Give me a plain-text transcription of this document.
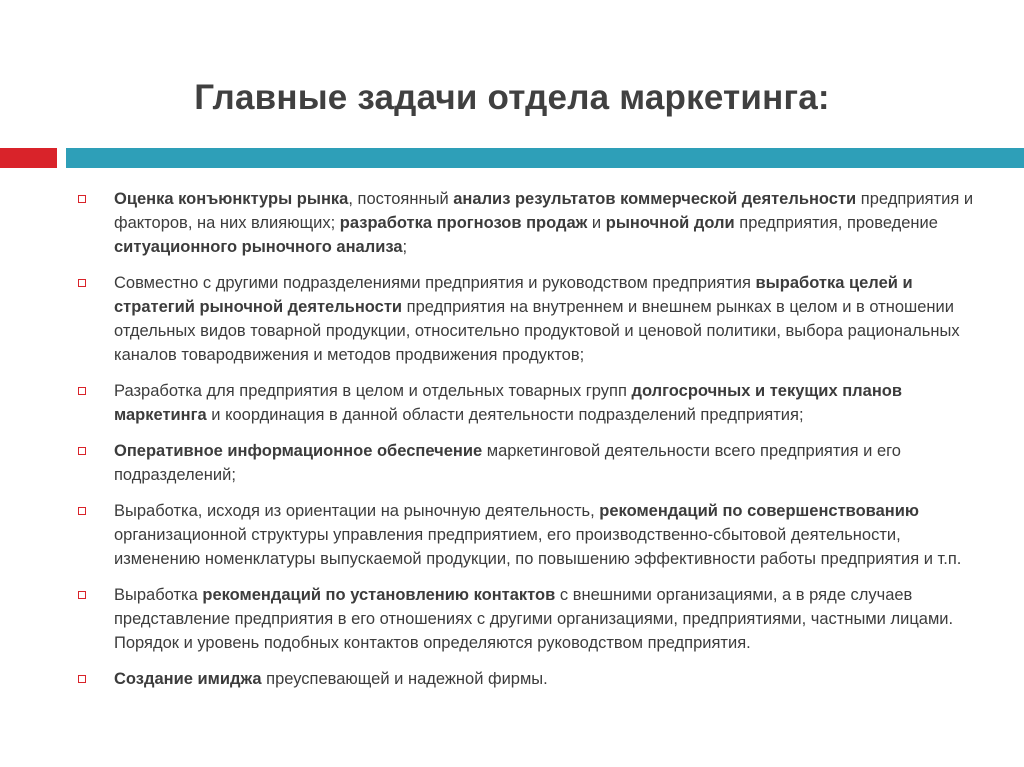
Главные задачи отдела маркетинга:
Оценка конъюнктуры рынка, постоянный анализ результатов коммерческой деятельности предприятия и факторов, на них влияющих; разработка прогнозов продаж и рыночной доли предприятия, проведение ситуационного рыночного анализа;
Совместно с другими подразделениями предприятия и руководством предприятия выработка целей и стратегий рыночной деятельности предприятия на внутреннем и внешнем рынках в целом и в отношении отдельных видов товарной продукции, относительно продуктовой и ценовой политики, выбора рациональных каналов товародвижения и методов продвижения продуктов;
Разработка для предприятия в целом и отдельных товарных групп долгосрочных и текущих планов маркетинга и координация в данной области деятельности подразделений предприятия;
Оперативное информационное обеспечение маркетинговой деятельности всего предприятия и его подразделений;
Выработка, исходя из ориентации на рыночную деятельность, рекомендаций по совершенствованию организационной структуры управления предприятием, его производственно-сбытовой деятельности, изменению номенклатуры выпускаемой продукции, по повышению эффективности работы предприятия и т.п.
Выработка рекомендаций по установлению контактов с внешними организациями, а в ряде случаев представление предприятия в его отношениях с другими организациями, предприятиями, частными лицами. Порядок и уровень подобных контактов определяются руководством предприятия.
Создание имиджа преуспевающей и надежной фирмы.
